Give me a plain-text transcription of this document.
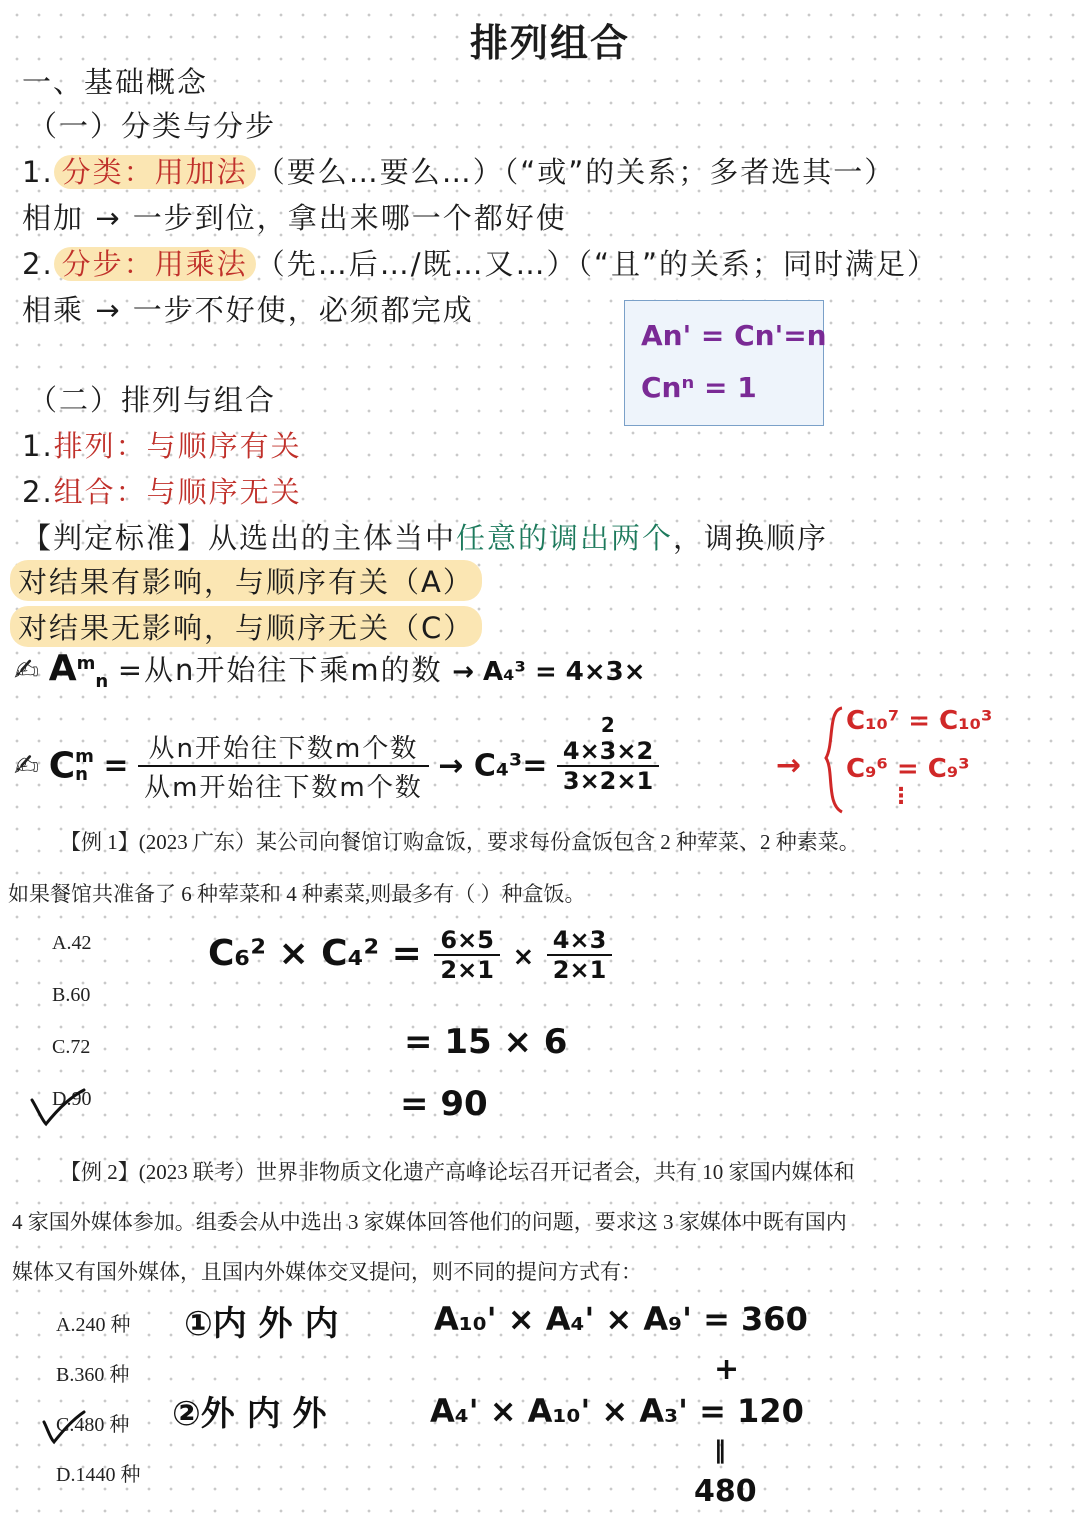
排列组合
一、基础概念
（一）分类与分步
1. 分类：用加法 （要么…要么…）（“或”的关系；多者选其一）
相加 → 一步到位，拿出来哪一个都好使
2. 分步：用乘法 （先…后…/既…又…）（“且”的关系；同时满足）
相乘 → 一步不好使，必须都完成
An' = Cn'=n
Cnⁿ = 1
（二）排列与组合
1.排列：与顺序有关
2.组合：与顺序无关
【判定标准】从选出的主体当中任意的调出两个，调换顺序
对结果有影响，与顺序有关（A）
对结果无影响，与顺序无关（C）
✍ $A^m_n$ =从n开始往下乘m的数 → A₄³ = 4×3×
✍ C m
$n = \frac{\text{从n开始往下数m个数}}{\text{从m开始往下数m个数}} \to C_4^3=$
2
4×3×2
3×2×1	→
C₁₀⁷ = C₁₀³
C₉⁶ = C₉³
⋮
【例 1】(2023 广东）某公司向餐馆订购盒饭，要求每份盒饭包含 2 种荤菜、2 种素菜。
如果餐馆共准备了 6 种荤菜和 4 种素菜,则最多有（ ）种盒饭。
A.42
B.60
C.72
D.90
$C_6^2 \times C_4^2 = \frac{6\times 5}{2\times 1} \times \frac{4\times 3}{2\times 1}$
= 15 × 6
= 90
【例 2】(2023 联考）世界非物质文化遗产高峰论坛召开记者会，共有 10 家国内媒体和
4 家国外媒体参加。组委会从中选出 3 家媒体回答他们的问题，要求这 3 家媒体中既有国内
媒体又有国外媒体，且国内外媒体交叉提问，则不同的提问方式有：
A.240 种
B.360 种
C.480 种
D.1440 种
①内 外 内	A₁₀' × A₄' × A₉' = 360
+
②外 内 外	A₄' × A₁₀' × A₃' = 120
‖
480
